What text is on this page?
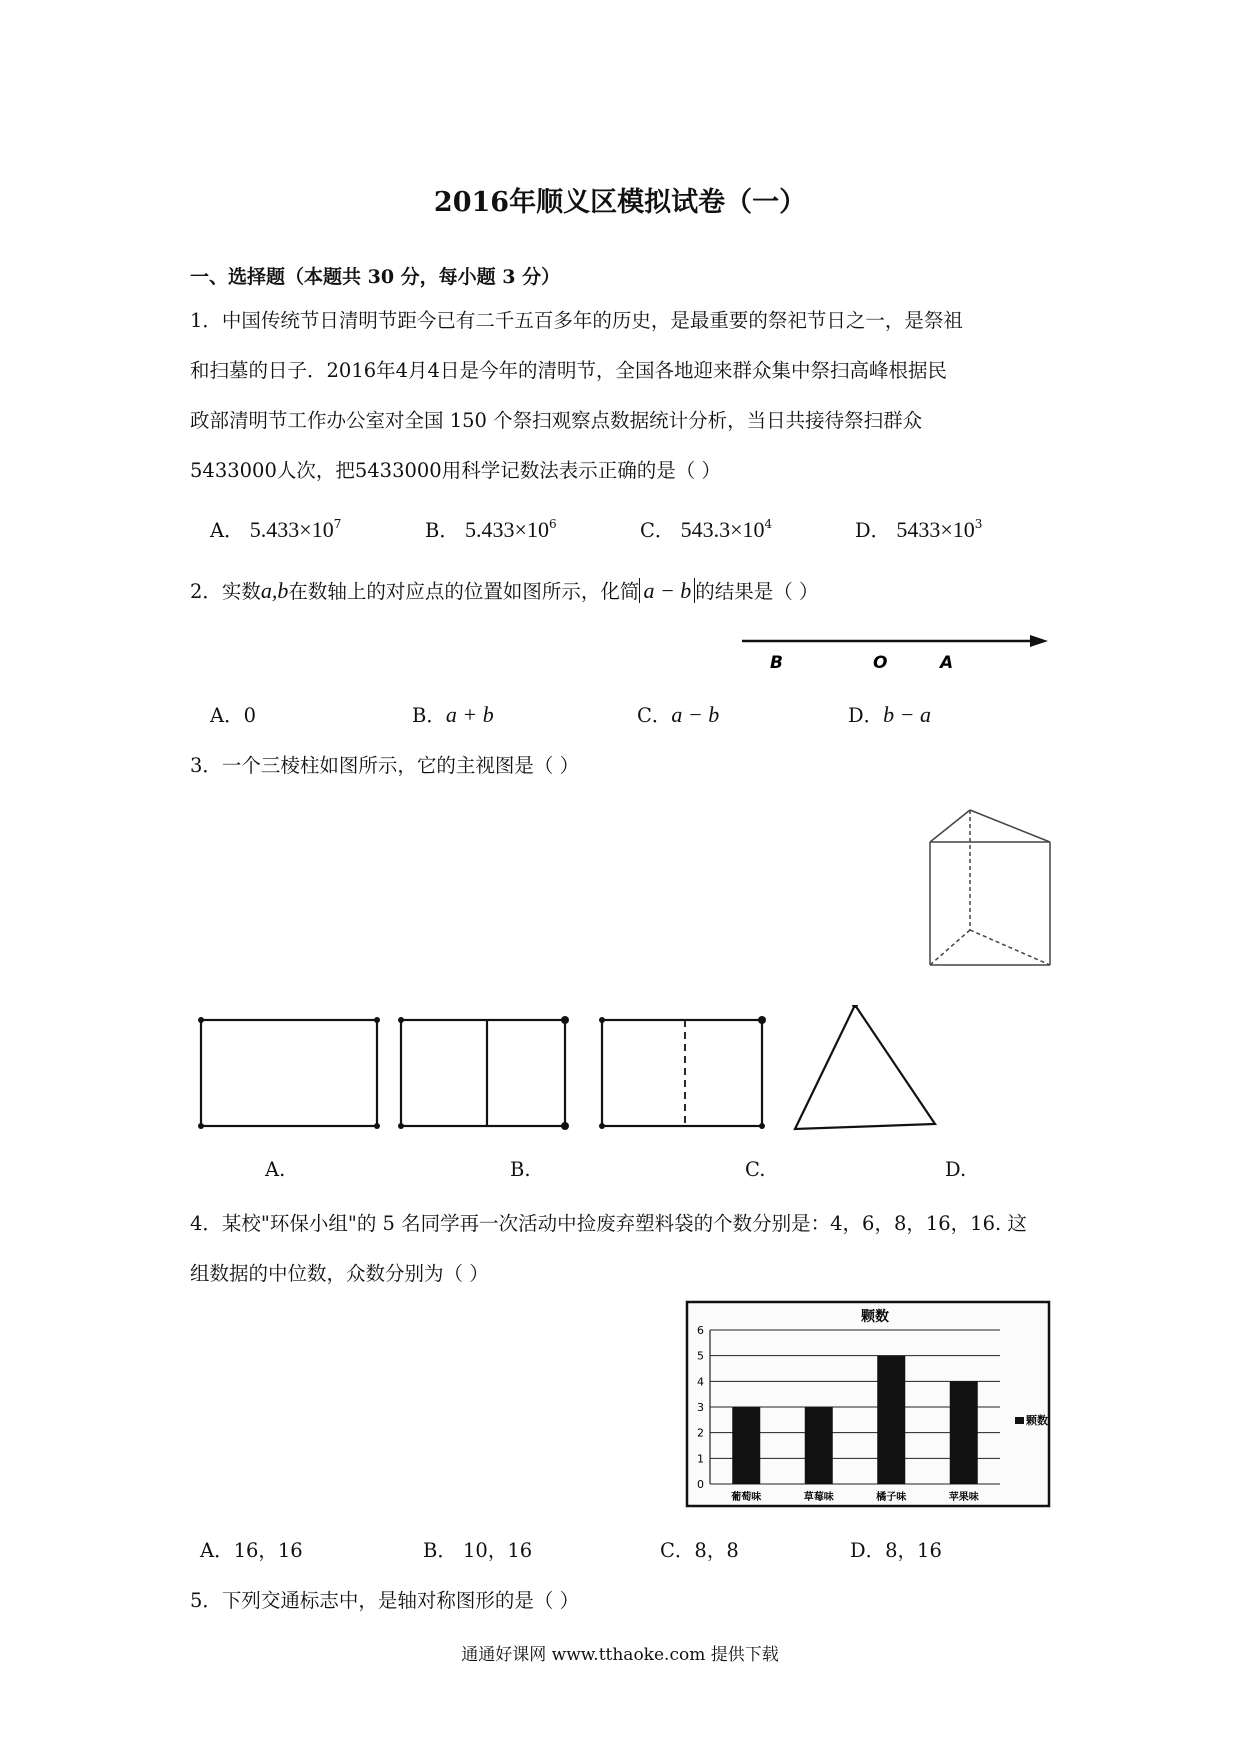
2016年顺义区模拟试卷（一）
一、选择题（本题共 30 分，每小题 3 分）
1．中国传统节日清明节距今已有二千五百多年的历史，是最重要的祭祀节日之一，是祭祖
和扫墓的日子．2016年4月4日是今年的清明节，全国各地迎来群众集中祭扫高峰根据民
政部清明节工作办公室对全国 150 个祭扫观察点数据统计分析，当日共接待祭扫群众
5433000人次，把5433000用科学记数法表示正确的是（ ）
A． $5.433\times 10^7$	B． $5.433\times 10^6$	C． $543.3\times 10^4$	D． $5433\times 10^3$
2．实数a,b在数轴上的对应点的位置如图所示，化简 a − b 的结果是（ ）
B	O	A
A．0	B．a + b	C．a − b	D．b − a
3．一个三棱柱如图所示，它的主视图是（ ）
A.	B.	C.	D.
4．某校"环保小组"的 5 名同学再一次活动中捡废弃塑料袋的个数分别是：4，6，8，16，16. 这
组数据的中位数，众数分别为（ ）
颗数
葡萄味	草莓味	橘子味	苹果味
0
1
2
3
4
5
6
颗数
A．16，16	B． 10，16	C．8，8	D．8，16
5．下列交通标志中，是轴对称图形的是（ ）
通通好课网 www.tthaoke.com 提供下载
